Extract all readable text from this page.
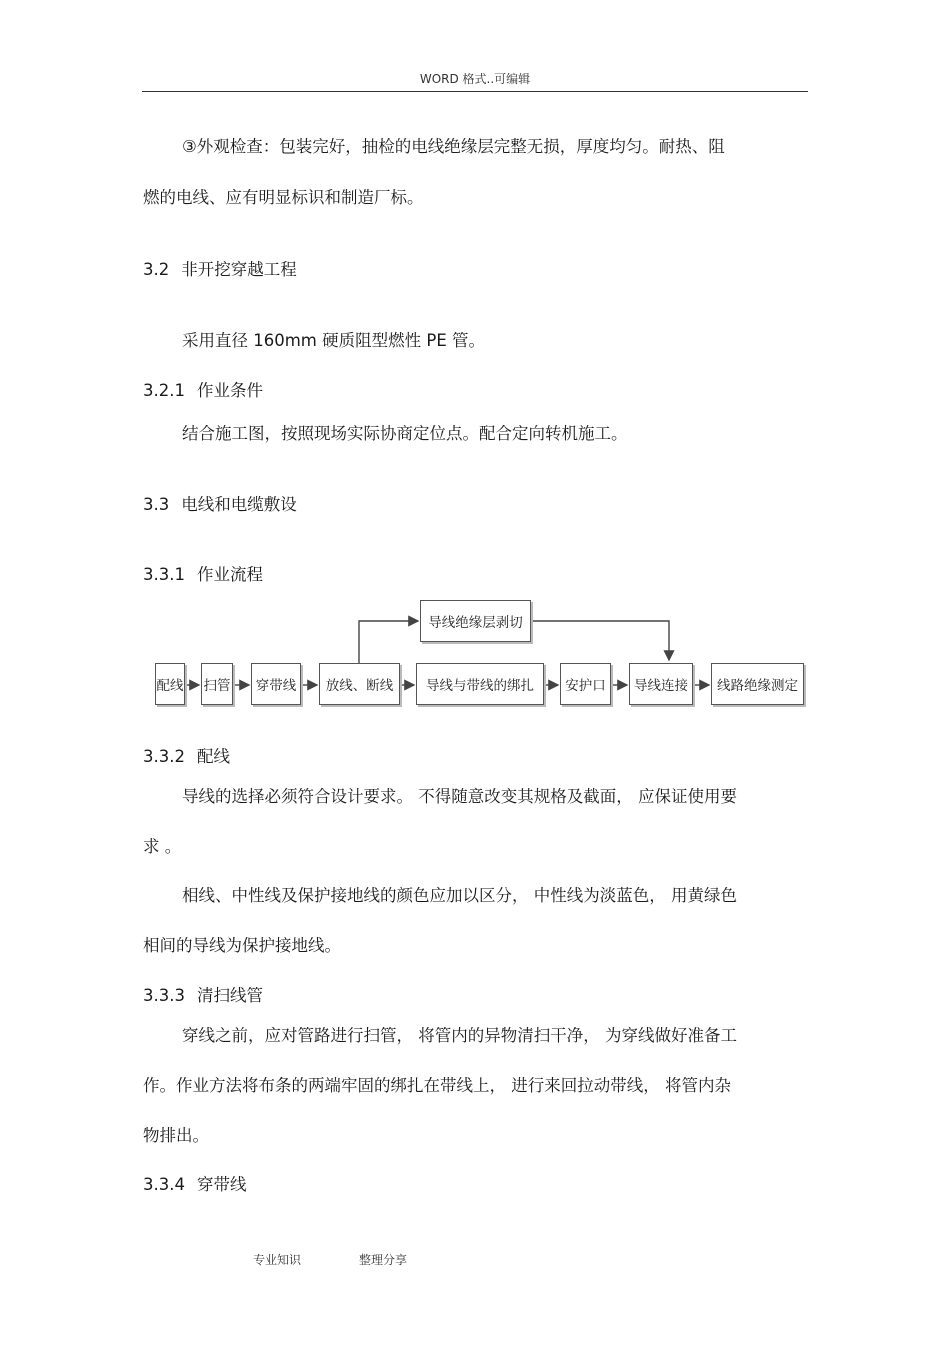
WORD 格式..可编辑
③外观检查：包装完好，抽检的电线绝缘层完整无损，厚度均匀。耐热、阻
燃的电线、应有明显标识和制造厂标。
3.2 非开挖穿越工程
采用直径 160mm 硬质阻型燃性 PE 管。
3.2.1 作业条件
结合施工图，按照现场实际协商定位点。配合定向转机施工。
3.3 电线和电缆敷设
3.3.1 作业流程
导线绝缘层剥切
配线 扫管	穿带线	放线、断线	导线与带线的绑扎	安护口	导线连接	线路绝缘测定
3.3.2 配线
导线的选择必须符合设计要求。 不得随意改变其规格及截面， 应保证使用要
求 。
相线、中性线及保护接地线的颜色应加以区分， 中性线为淡蓝色， 用黄绿色
相间的导线为保护接地线。
3.3.3 清扫线管
穿线之前，应对管路进行扫管， 将管内的异物清扫干净， 为穿线做好准备工
作。作业方法将布条的两端牢固的绑扎在带线上， 进行来回拉动带线， 将管内杂
物排出。
3.3.4 穿带线
专业知识	整理分享
